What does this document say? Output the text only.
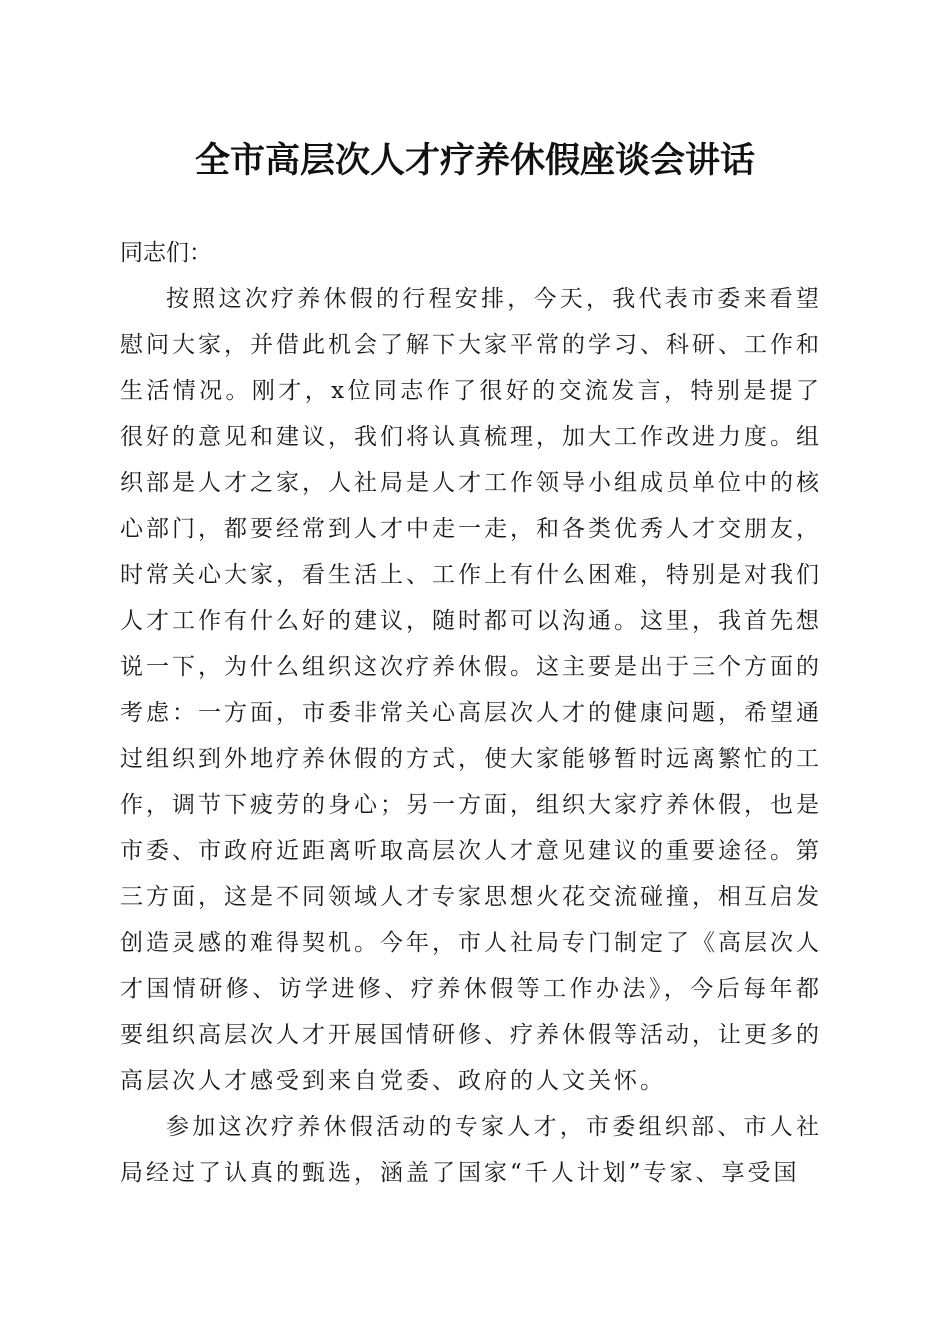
全市高层次人才疗养休假座谈会讲话

同志们：

按照这次疗养休假的行程安排，今天，我代表市委来看望慰问大家，并借此机会了解下大家平常的学习、科研、工作和生活情况。刚才，x位同志作了很好的交流发言，特别是提了很好的意见和建议，我们将认真梳理，加大工作改进力度。组织部是人才之家，人社局是人才工作领导小组成员单位中的核心部门，都要经常到人才中走一走，和各类优秀人才交朋友，时常关心大家，看生活上、工作上有什么困难，特别是对我们人才工作有什么好的建议，随时都可以沟通。这里，我首先想说一下，为什么组织这次疗养休假。这主要是出于三个方面的考虑：一方面，市委非常关心高层次人才的健康问题，希望通过组织到外地疗养休假的方式，使大家能够暂时远离繁忙的工作，调节下疲劳的身心；另一方面，组织大家疗养休假，也是市委、市政府近距离听取高层次人才意见建议的重要途径。第三方面，这是不同领域人才专家思想火花交流碰撞，相互启发创造灵感的难得契机。今年，市人社局专门制定了《高层次人才国情研修、访学进修、疗养休假等工作办法》，今后每年都要组织高层次人才开展国情研修、疗养休假等活动，让更多的高层次人才感受到来自党委、政府的人文关怀。

参加这次疗养休假活动的专家人才，市委组织部、市人社局经过了认真的甄选，涵盖了国家“千人计划”专家、享受国
